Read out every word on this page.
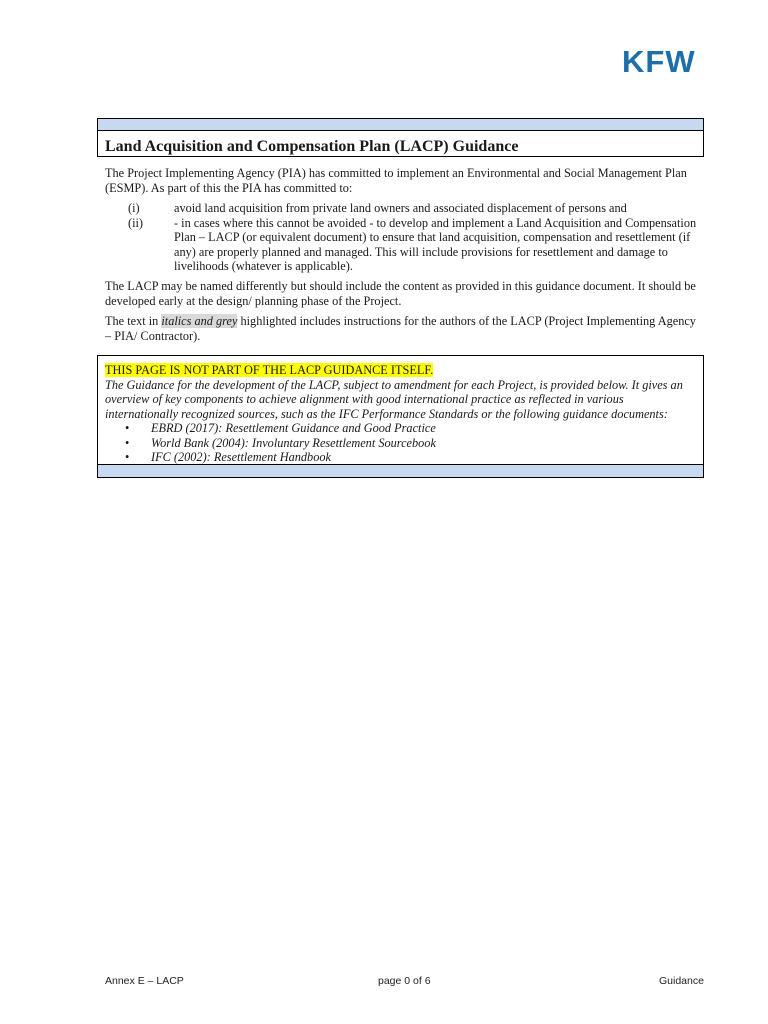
KFW
Land Acquisition and Compensation Plan (LACP) Guidance
The Project Implementing Agency (PIA) has committed to implement an Environmental and Social Management Plan (ESMP). As part of this the PIA has committed to:
(i)	avoid land acquisition from private land owners and associated displacement of persons and
(ii)	- in cases where this cannot be avoided - to develop and implement a Land Acquisition and Compensation Plan – LACP (or equivalent document) to ensure that land acquisition, compensation and resettlement (if any) are properly planned and managed. This will include provisions for resettlement and damage to livelihoods (whatever is applicable).
The LACP may be named differently but should include the content as provided in this guidance document. It should be developed early at the design/ planning phase of the Project.
The text in italics and grey highlighted includes instructions for the authors of the LACP (Project Implementing Agency – PIA/ Contractor).
THIS PAGE IS NOT PART OF THE LACP GUIDANCE ITSELF.
The Guidance for the development of the LACP, subject to amendment for each Project, is provided below. It gives an overview of key components to achieve alignment with good international practice as reflected in various internationally recognized sources, such as the IFC Performance Standards or the following guidance documents:
•	EBRD (2017): Resettlement Guidance and Good Practice
•	World Bank (2004): Involuntary Resettlement Sourcebook
•	IFC (2002): Resettlement Handbook
Annex E – LACP	page 0 of 6	Guidance
